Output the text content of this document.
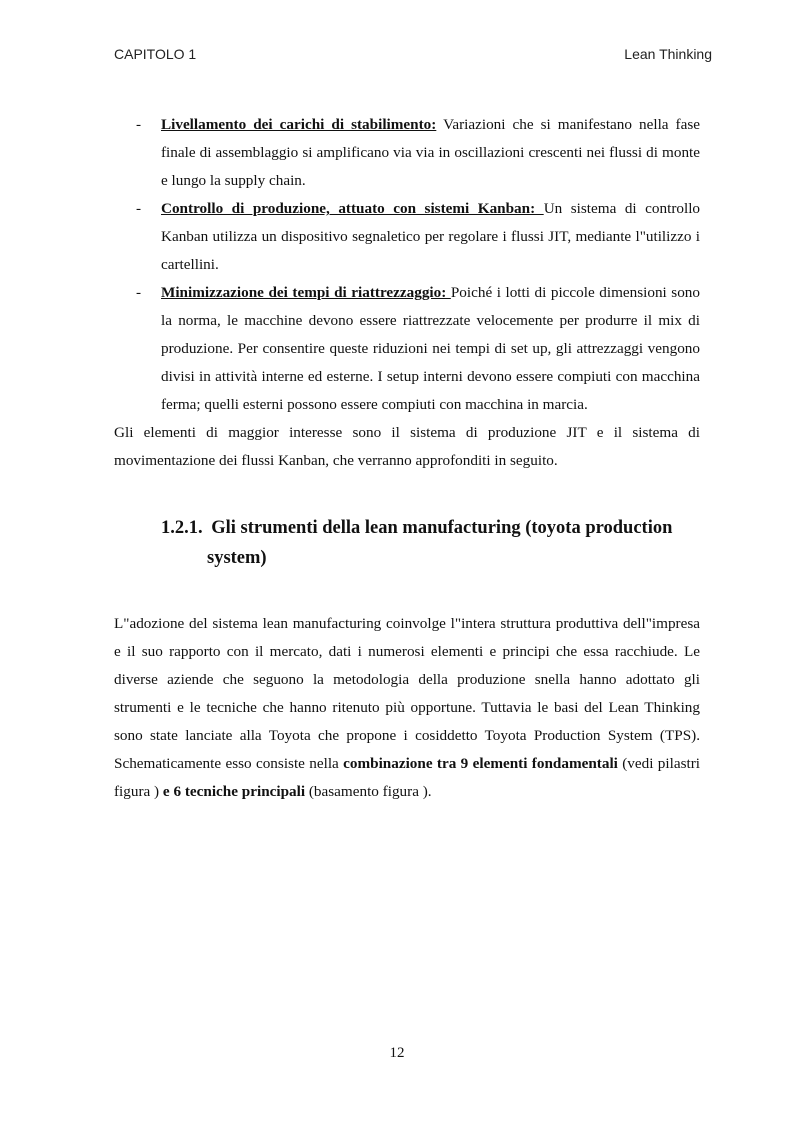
CAPITOLO 1	Lean Thinking

- Livellamento dei carichi di stabilimento: Variazioni che si manifestano nella fase finale di assemblaggio si amplificano via via in oscillazioni crescenti nei flussi di monte e lungo la supply chain.

- Controllo di produzione, attuato con sistemi Kanban: Un sistema di controllo Kanban utilizza un dispositivo segnaletico per regolare i flussi JIT, mediante l"utilizzo i cartellini.

- Minimizzazione dei tempi di riattrezzaggio: Poiché i lotti di piccole dimensioni sono la norma, le macchine devono essere riattrezzate velocemente per produrre il mix di produzione. Per consentire queste riduzioni nei tempi di set up, gli attrezzaggi vengono divisi in attività interne ed esterne. I setup interni devono essere compiuti con macchina ferma; quelli esterni possono essere compiuti con macchina in marcia.

Gli elementi di maggior interesse sono il sistema di produzione JIT e il sistema di movimentazione dei flussi Kanban, che verranno approfonditi in seguito.

1.2.1. Gli strumenti della lean manufacturing (toyota production
system)

L"adozione del sistema lean manufacturing coinvolge l"intera struttura produttiva dell"impresa e il suo rapporto con il mercato, dati i numerosi elementi e principi che essa racchiude. Le diverse aziende che seguono la metodologia della produzione snella hanno adottato gli strumenti e le tecniche che hanno ritenuto più opportune. Tuttavia le basi del Lean Thinking sono state lanciate alla Toyota che propone i cosiddetto Toyota Production System (TPS). Schematicamente esso consiste nella combinazione tra 9 elementi fondamentali (vedi pilastri figura ) e 6 tecniche principali (basamento figura ).

12
